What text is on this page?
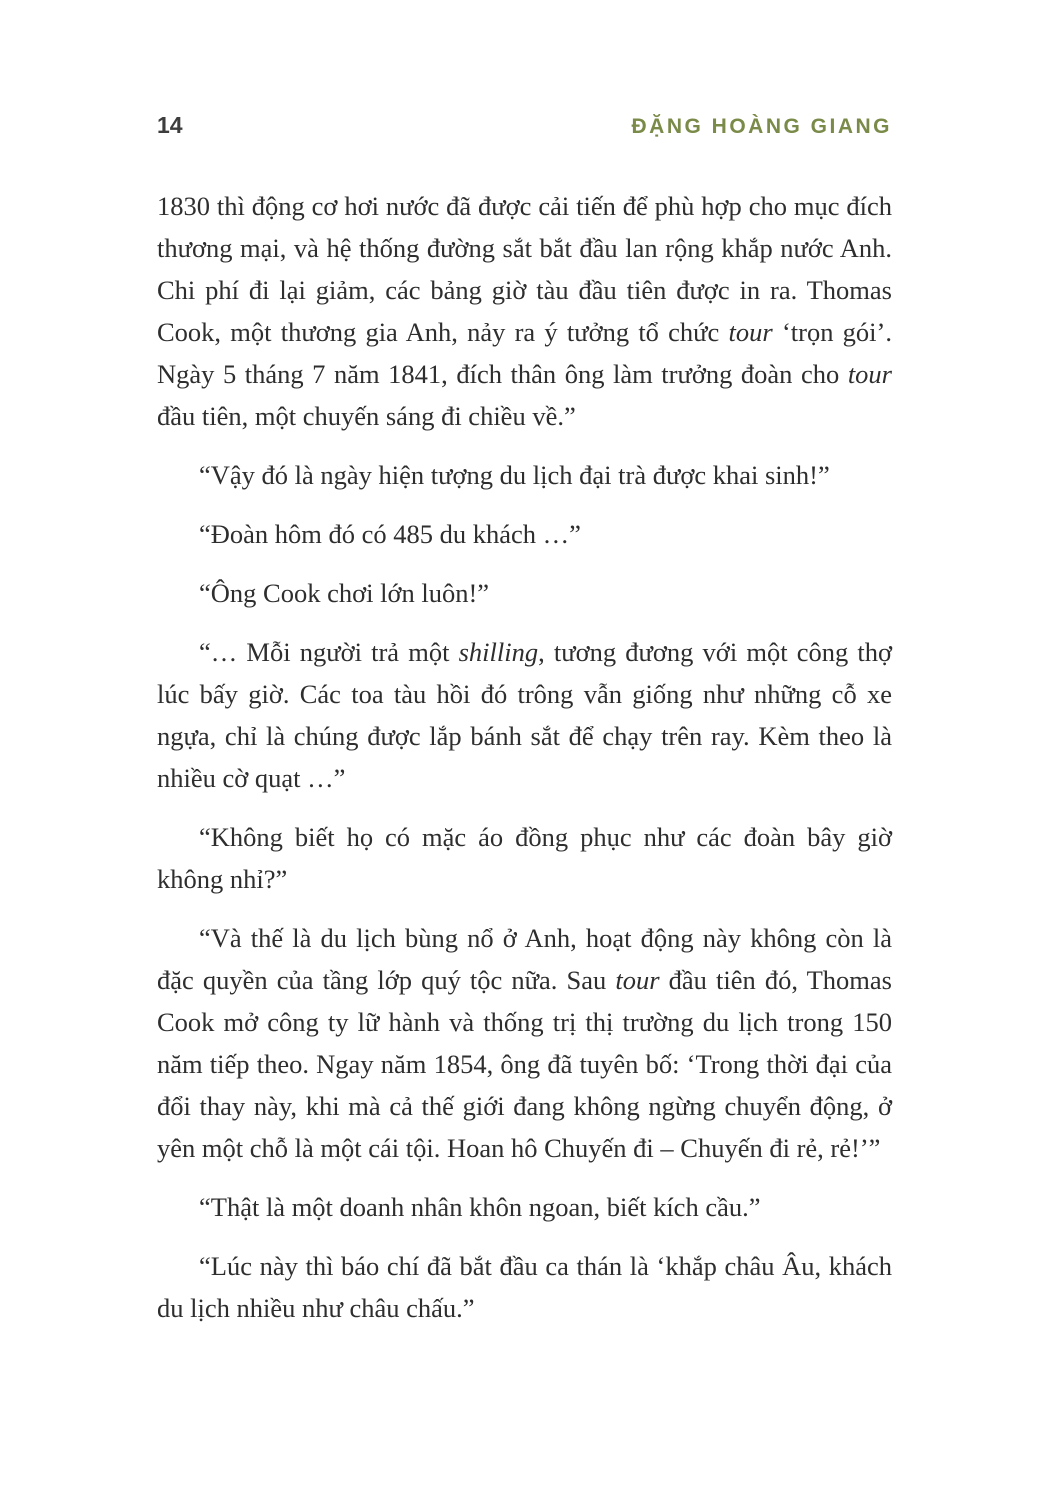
14	ĐẶNG HOÀNG GIANG

1830 thì động cơ hơi nước đã được cải tiến để phù hợp cho mục đích thương mại, và hệ thống đường sắt bắt đầu lan rộng khắp nước Anh. Chi phí đi lại giảm, các bảng giờ tàu đầu tiên được in ra. Thomas Cook, một thương gia Anh, nảy ra ý tưởng tổ chức tour ‘trọn gói’. Ngày 5 tháng 7 năm 1841, đích thân ông làm trưởng đoàn cho tour đầu tiên, một chuyến sáng đi chiều về.”

“Vậy đó là ngày hiện tượng du lịch đại trà được khai sinh!”

“Đoàn hôm đó có 485 du khách …”

“Ông Cook chơi lớn luôn!”

“… Mỗi người trả một shilling, tương đương với một công thợ lúc bấy giờ. Các toa tàu hồi đó trông vẫn giống như những cỗ xe ngựa, chỉ là chúng được lắp bánh sắt để chạy trên ray. Kèm theo là nhiều cờ quạt …”

“Không biết họ có mặc áo đồng phục như các đoàn bây giờ không nhỉ?”

“Và thế là du lịch bùng nổ ở Anh, hoạt động này không còn là đặc quyền của tầng lớp quý tộc nữa. Sau tour đầu tiên đó, Thomas Cook mở công ty lữ hành và thống trị thị trường du lịch trong 150 năm tiếp theo. Ngay năm 1854, ông đã tuyên bố: ‘Trong thời đại của đổi thay này, khi mà cả thế giới đang không ngừng chuyển động, ở yên một chỗ là một cái tội. Hoan hô Chuyến đi – Chuyến đi rẻ, rẻ!’”

“Thật là một doanh nhân khôn ngoan, biết kích cầu.”

“Lúc này thì báo chí đã bắt đầu ca thán là ‘khắp châu Âu, khách du lịch nhiều như châu chấu.”
